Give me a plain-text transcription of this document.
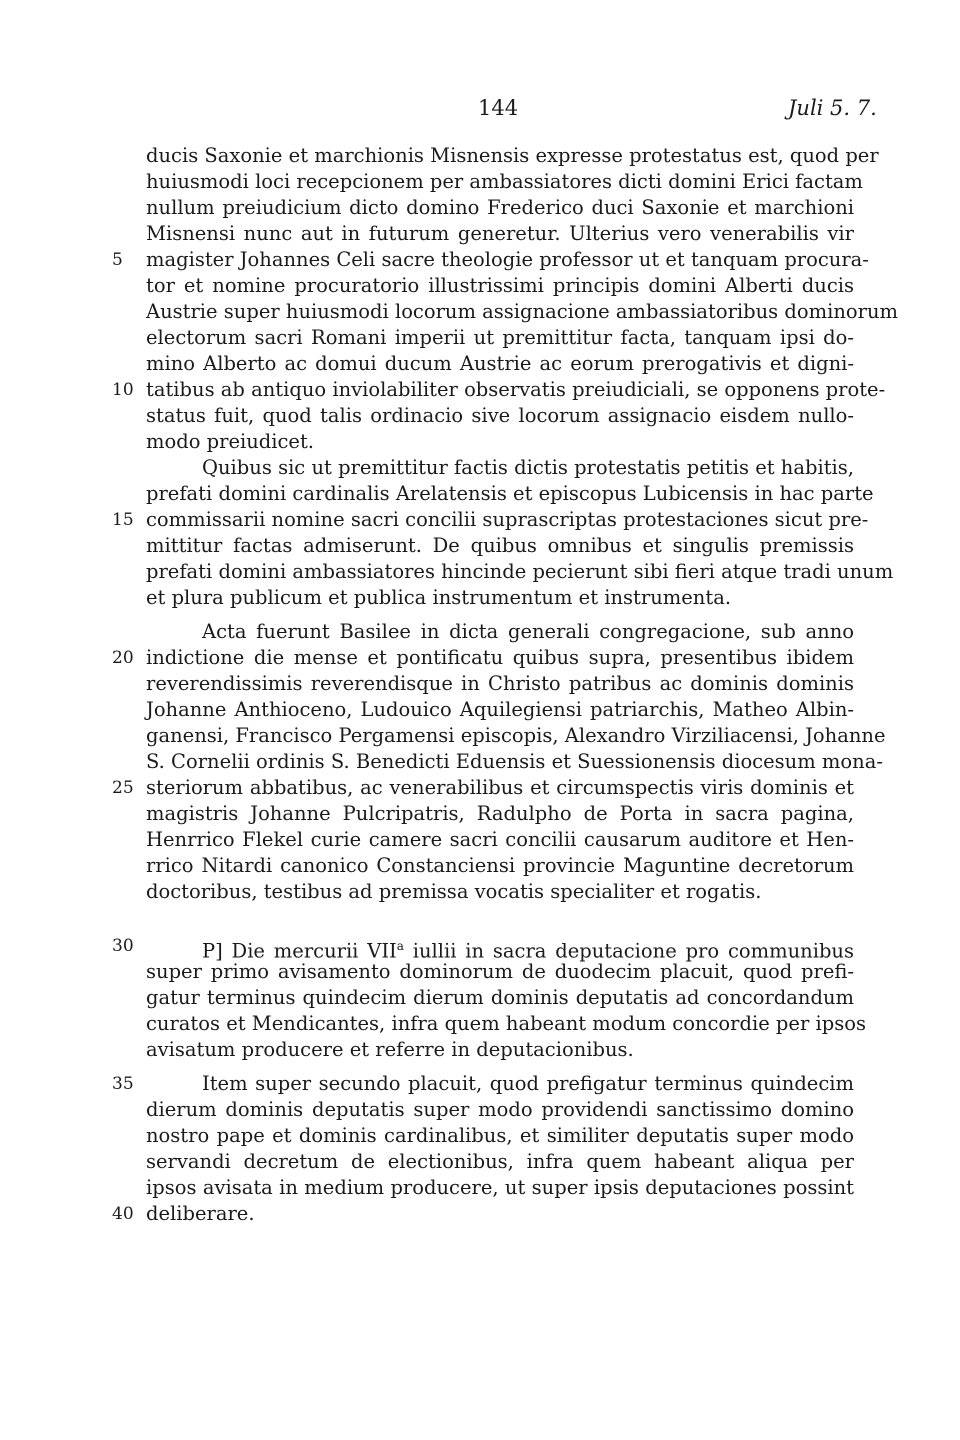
144	Juli 5. 7.
ducis Saxonie et marchionis Misnensis expresse protestatus est, quod per
huiusmodi loci recepcionem per ambassiatores dicti domini Erici factam
nullum preiudicium dicto domino Frederico duci Saxonie et marchioni
Misnensi nunc aut in futurum generetur. Ulterius vero venerabilis vir
magister Johannes Celi sacre theologie professor ut et tanquam procura-
tor et nomine procuratorio illustrissimi principis domini Alberti ducis
Austrie super huiusmodi locorum assignacione ambassiatoribus dominorum
electorum sacri Romani imperii ut premittitur facta, tanquam ipsi do-
mino Alberto ac domui ducum Austrie ac eorum prerogativis et digni-
tatibus ab antiquo inviolabiliter observatis preiudiciali, se opponens prote-
status fuit, quod talis ordinacio sive locorum assignacio eisdem nullo-
modo preiudicet.
Quibus sic ut premittitur factis dictis protestatis petitis et habitis,
prefati domini cardinalis Arelatensis et episcopus Lubicensis in hac parte
commissarii nomine sacri concilii suprascriptas protestaciones sicut pre-
mittitur factas admiserunt. De quibus omnibus et singulis premissis
prefati domini ambassiatores hincinde pecierunt sibi fieri atque tradi unum
et plura publicum et publica instrumentum et instrumenta.
Acta fuerunt Basilee in dicta generali congregacione, sub anno
indictione die mense et pontificatu quibus supra, presentibus ibidem
reverendissimis reverendisque in Christo patribus ac dominis dominis
Johanne Anthioceno, Ludouico Aquilegiensi patriarchis, Matheo Albin-
ganensi, Francisco Pergamensi episcopis, Alexandro Virziliacensi, Johanne
S. Cornelii ordinis S. Benedicti Eduensis et Suessionensis diocesum mona-
steriorum abbatibus, ac venerabilibus et circumspectis viris dominis et
magistris Johanne Pulcripatris, Radulpho de Porta in sacra pagina,
Henrrico Flekel curie camere sacri concilii causarum auditore et Hen-
rrico Nitardi canonico Constanciensi provincie Maguntine decretorum
doctoribus, testibus ad premissa vocatis specialiter et rogatis.
P] Die mercurii VII$^a$ iullii in sacra deputacione pro communibus
super primo avisamento dominorum de duodecim placuit, quod prefi-
gatur terminus quindecim dierum dominis deputatis ad concordandum
curatos et Mendicantes, infra quem habeant modum concordie per ipsos
avisatum producere et referre in deputacionibus.
Item super secundo placuit, quod prefigatur terminus quindecim
dierum dominis deputatis super modo providendi sanctissimo domino
nostro pape et dominis cardinalibus, et similiter deputatis super modo
servandi decretum de electionibus, infra quem habeant aliqua per
ipsos avisata in medium producere, ut super ipsis deputaciones possint
deliberare.
5
10
15
20
25
30
35
40
